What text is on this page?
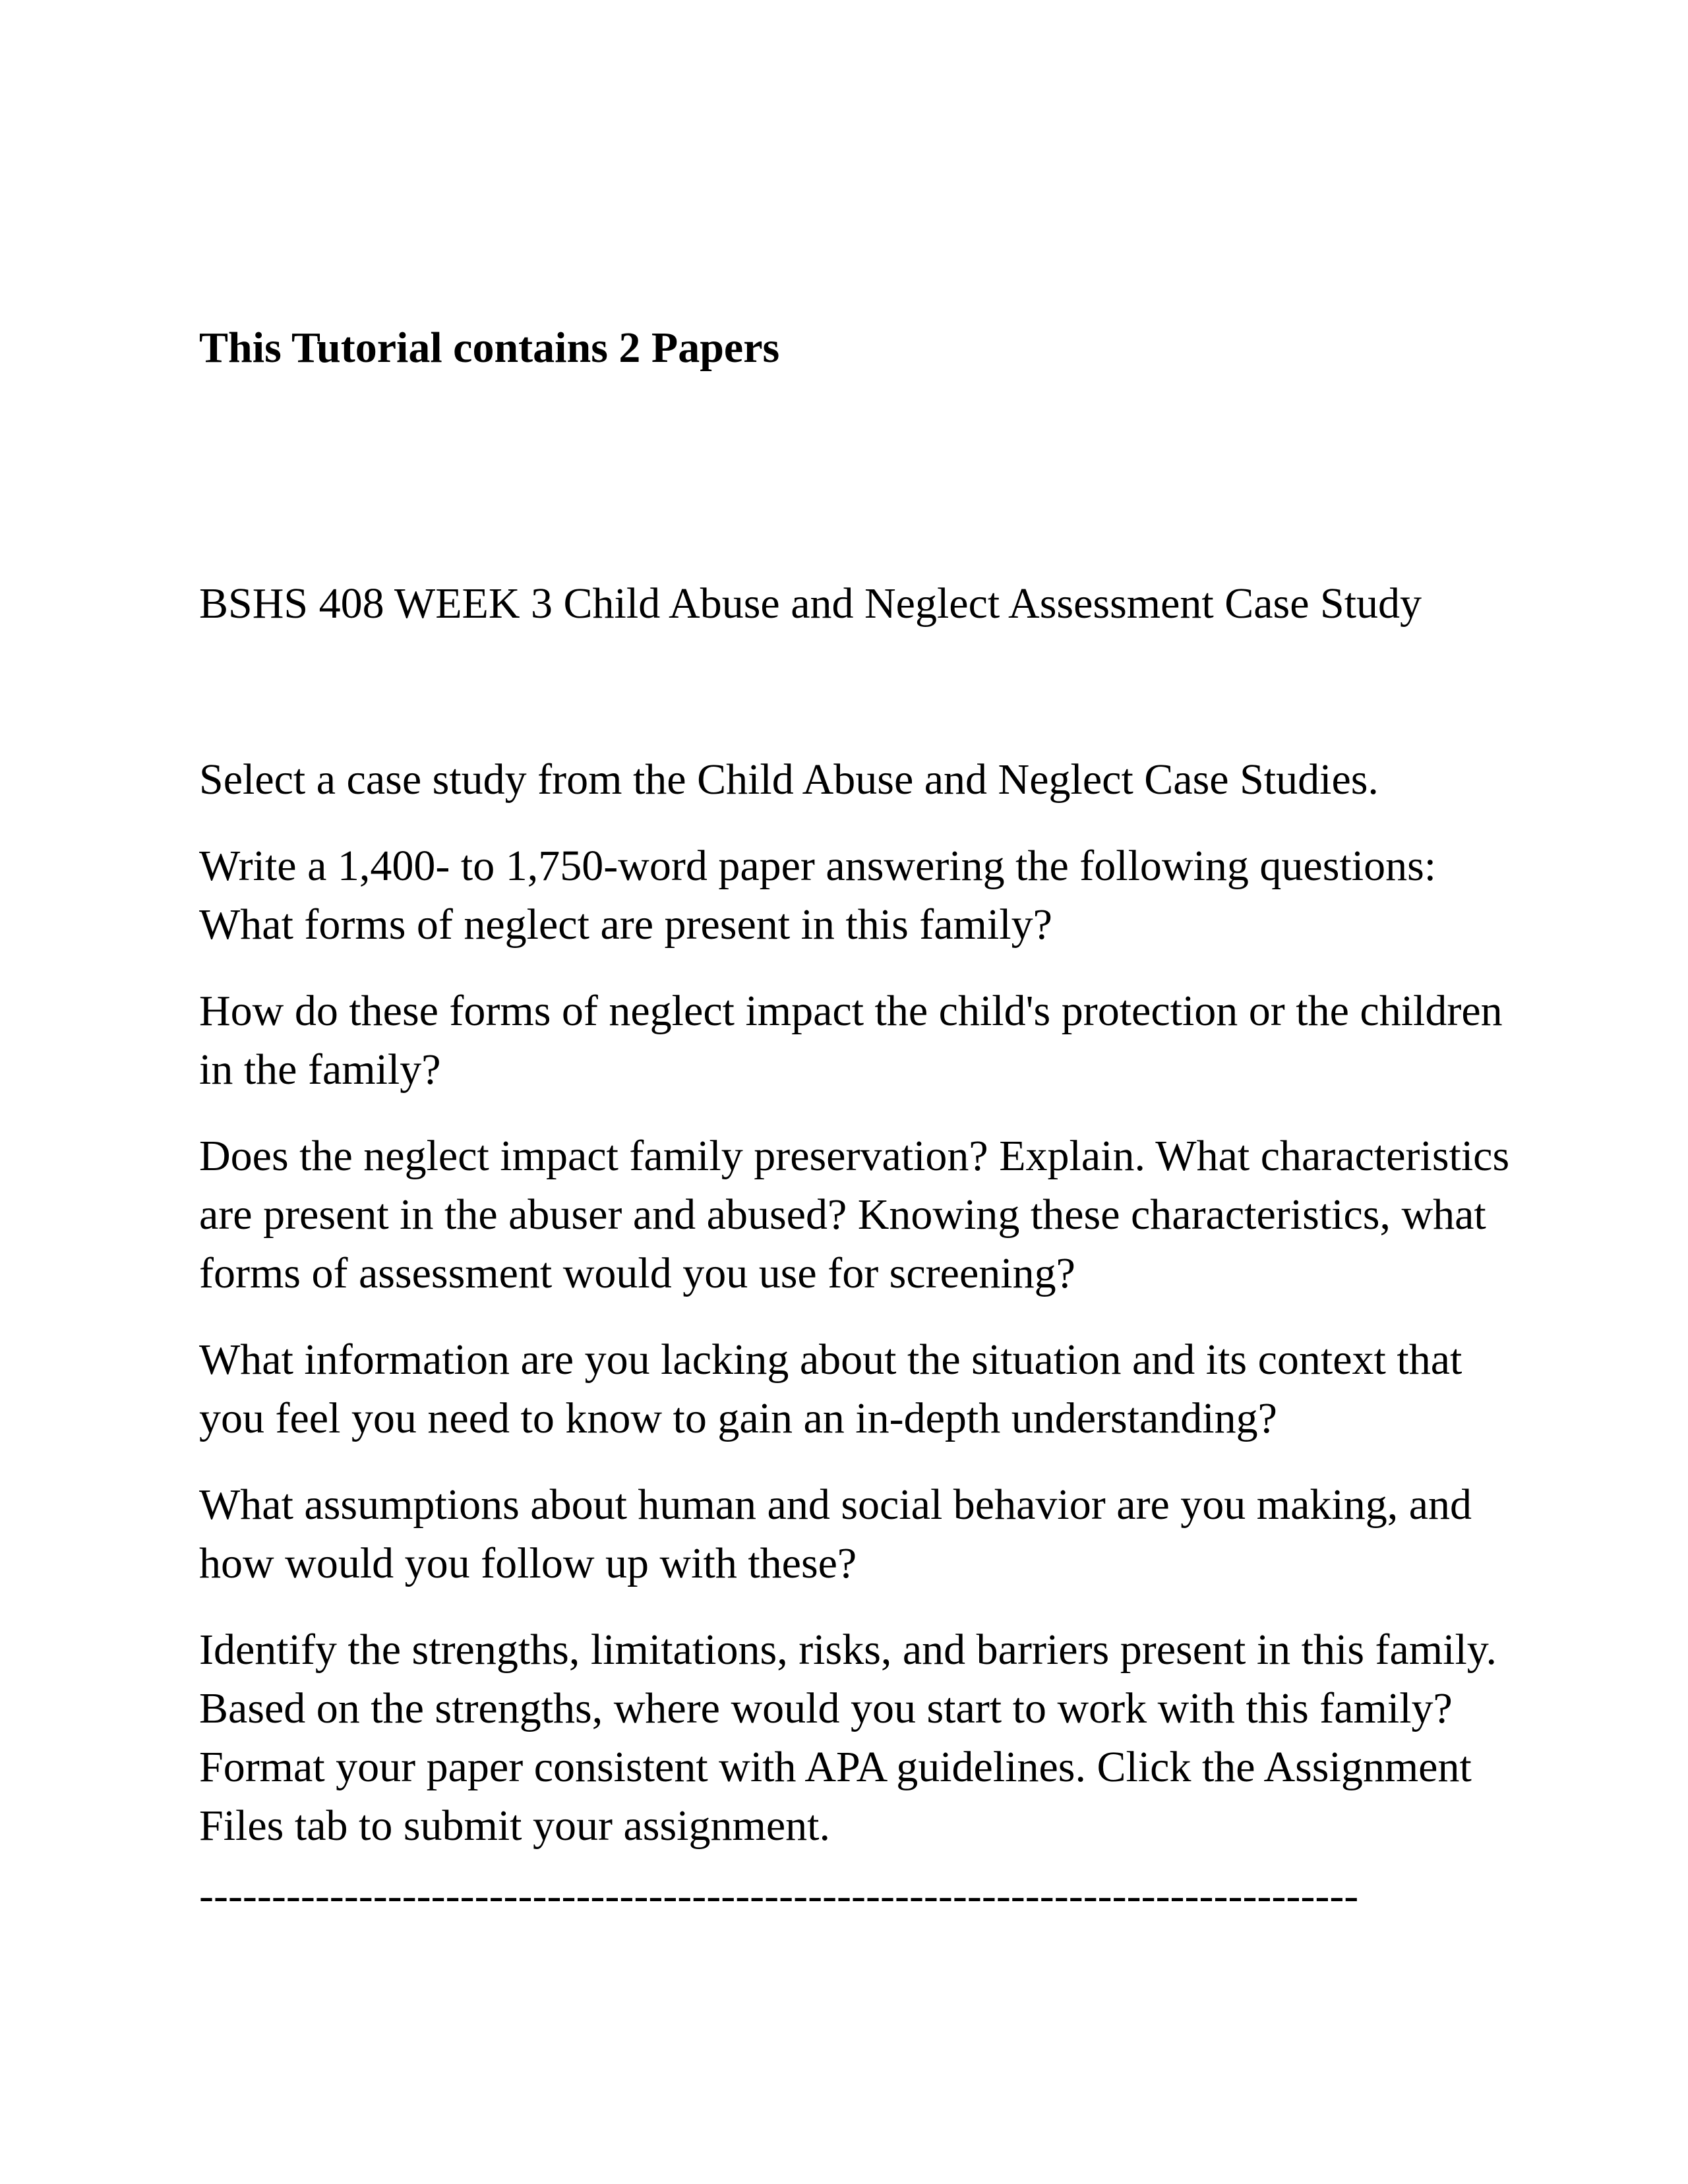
This Tutorial contains 2 Papers
BSHS 408 WEEK 3 Child Abuse and Neglect Assessment Case Study

Select a case study from the Child Abuse and Neglect Case Studies.

Write a 1,400- to 1,750-word paper answering the following questions: What forms of neglect are present in this family?

How do these forms of neglect impact the child's protection or the children in the family?

Does the neglect impact family preservation? Explain. What characteristics are present in the abuser and abused? Knowing these characteristics, what forms of assessment would you use for screening?

What information are you lacking about the situation and its context that you feel you need to know to gain an in-depth understanding?

What assumptions about human and social behavior are you making, and how would you follow up with these?

Identify the strengths, limitations, risks, and barriers present in this family. Based on the strengths, where would you start to work with this family? Format your paper consistent with APA guidelines. Click the Assignment Files tab to submit your assignment.

--------------------------------------------------------------------------------
